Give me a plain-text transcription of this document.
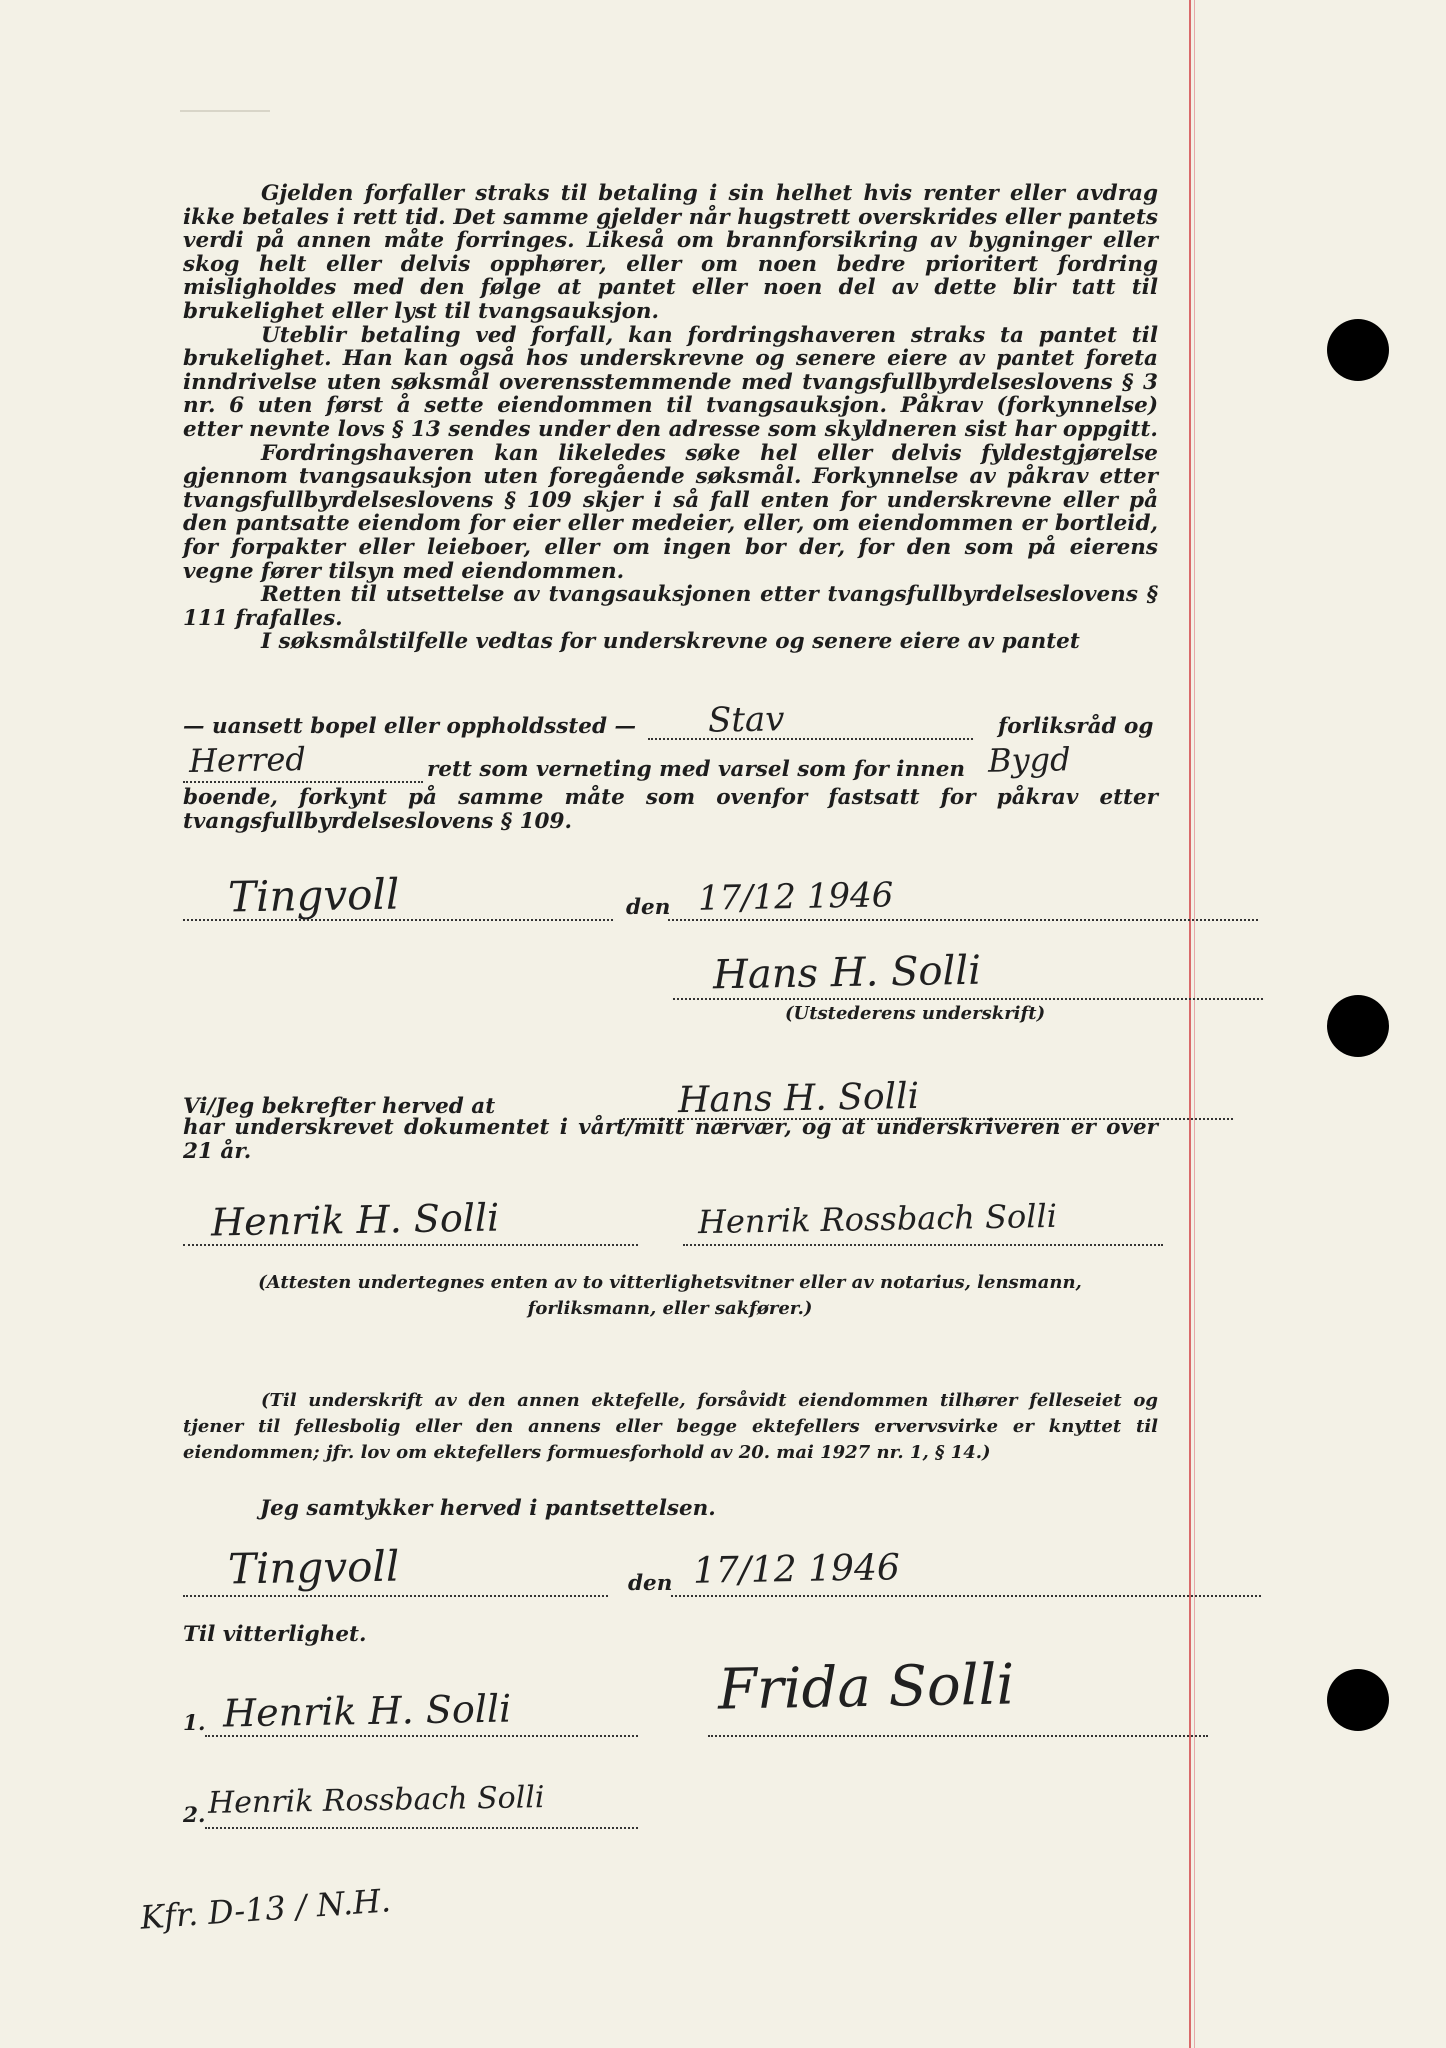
Gjelden forfaller straks til betaling i sin helhet hvis renter eller avdrag ikke betales i rett tid. Det samme gjelder når hugstrett overskrides eller pantets verdi på annen måte forringes. Likeså om brannforsikring av bygninger eller skog helt eller delvis opphører, eller om noen bedre prioritert fordring misligholdes med den følge at pantet eller noen del av dette blir tatt til brukelighet eller lyst til tvangsauksjon.

Uteblir betaling ved forfall, kan fordringshaveren straks ta pantet til brukelighet. Han kan også hos underskrevne og senere eiere av pantet foreta inndrivelse uten søksmål overensstemmende med tvangsfullbyrdelseslovens § 3 nr. 6 uten først å sette eiendommen til tvangsauksjon. Påkrav (forkynnelse) etter nevnte lovs § 13 sendes under den adresse som skyldneren sist har oppgitt.

Fordringshaveren kan likeledes søke hel eller delvis fyldestgjørelse gjennom tvangsauksjon uten foregående søksmål. Forkynnelse av påkrav etter tvangsfullbyrdelseslovens § 109 skjer i så fall enten for underskrevne eller på den pantsatte eiendom for eier eller medeier, eller, om eiendommen er bortleid, for forpakter eller leieboer, eller om ingen bor der, for den som på eierens vegne fører tilsyn med eiendommen.

Retten til utsettelse av tvangsauksjonen etter tvangsfullbyrdelseslovens § 111 frafalles.

I søksmålstilfelle vedtas for underskrevne og senere eiere av pantet

— uansett bopel eller oppholdssted — Stav	forliksråd og
Herred	rett som verneting med varsel som for innen Bygd

boende, forkynt på samme måte som ovenfor fastsatt for påkrav etter tvangsfullbyrdelseslovens § 109.

Tingvoll	den 17/12 1946
Hans H. Solli
(Utstederens underskrift)
Vi/Jeg bekrefter herved at	Hans H. Solli

har underskrevet dokumentet i vårt/mitt nærvær, og at underskriveren er over 21 år.

Henrik H. Solli	Henrik Rossbach Solli
(Attesten undertegnes enten av to vitterlighetsvitner eller av notarius, lensmann, forliksmann, eller sakfører.)

(Til underskrift av den annen ektefelle, forsåvidt eiendommen tilhører felleseiet og tjener til fellesbolig eller den annens eller begge ektefellers ervervsvirke er knyttet til eiendommen; jfr. lov om ektefellers formuesforhold av 20. mai 1927 nr. 1, § 14.)

Jeg samtykker herved i pantsettelsen.
Tingvoll	den 17/12 1946
Til vitterlighet.
1. Henrik H. Solli	Frida Solli
2. Henrik Rossbach Solli
Kfr. D-13 / N.H.
